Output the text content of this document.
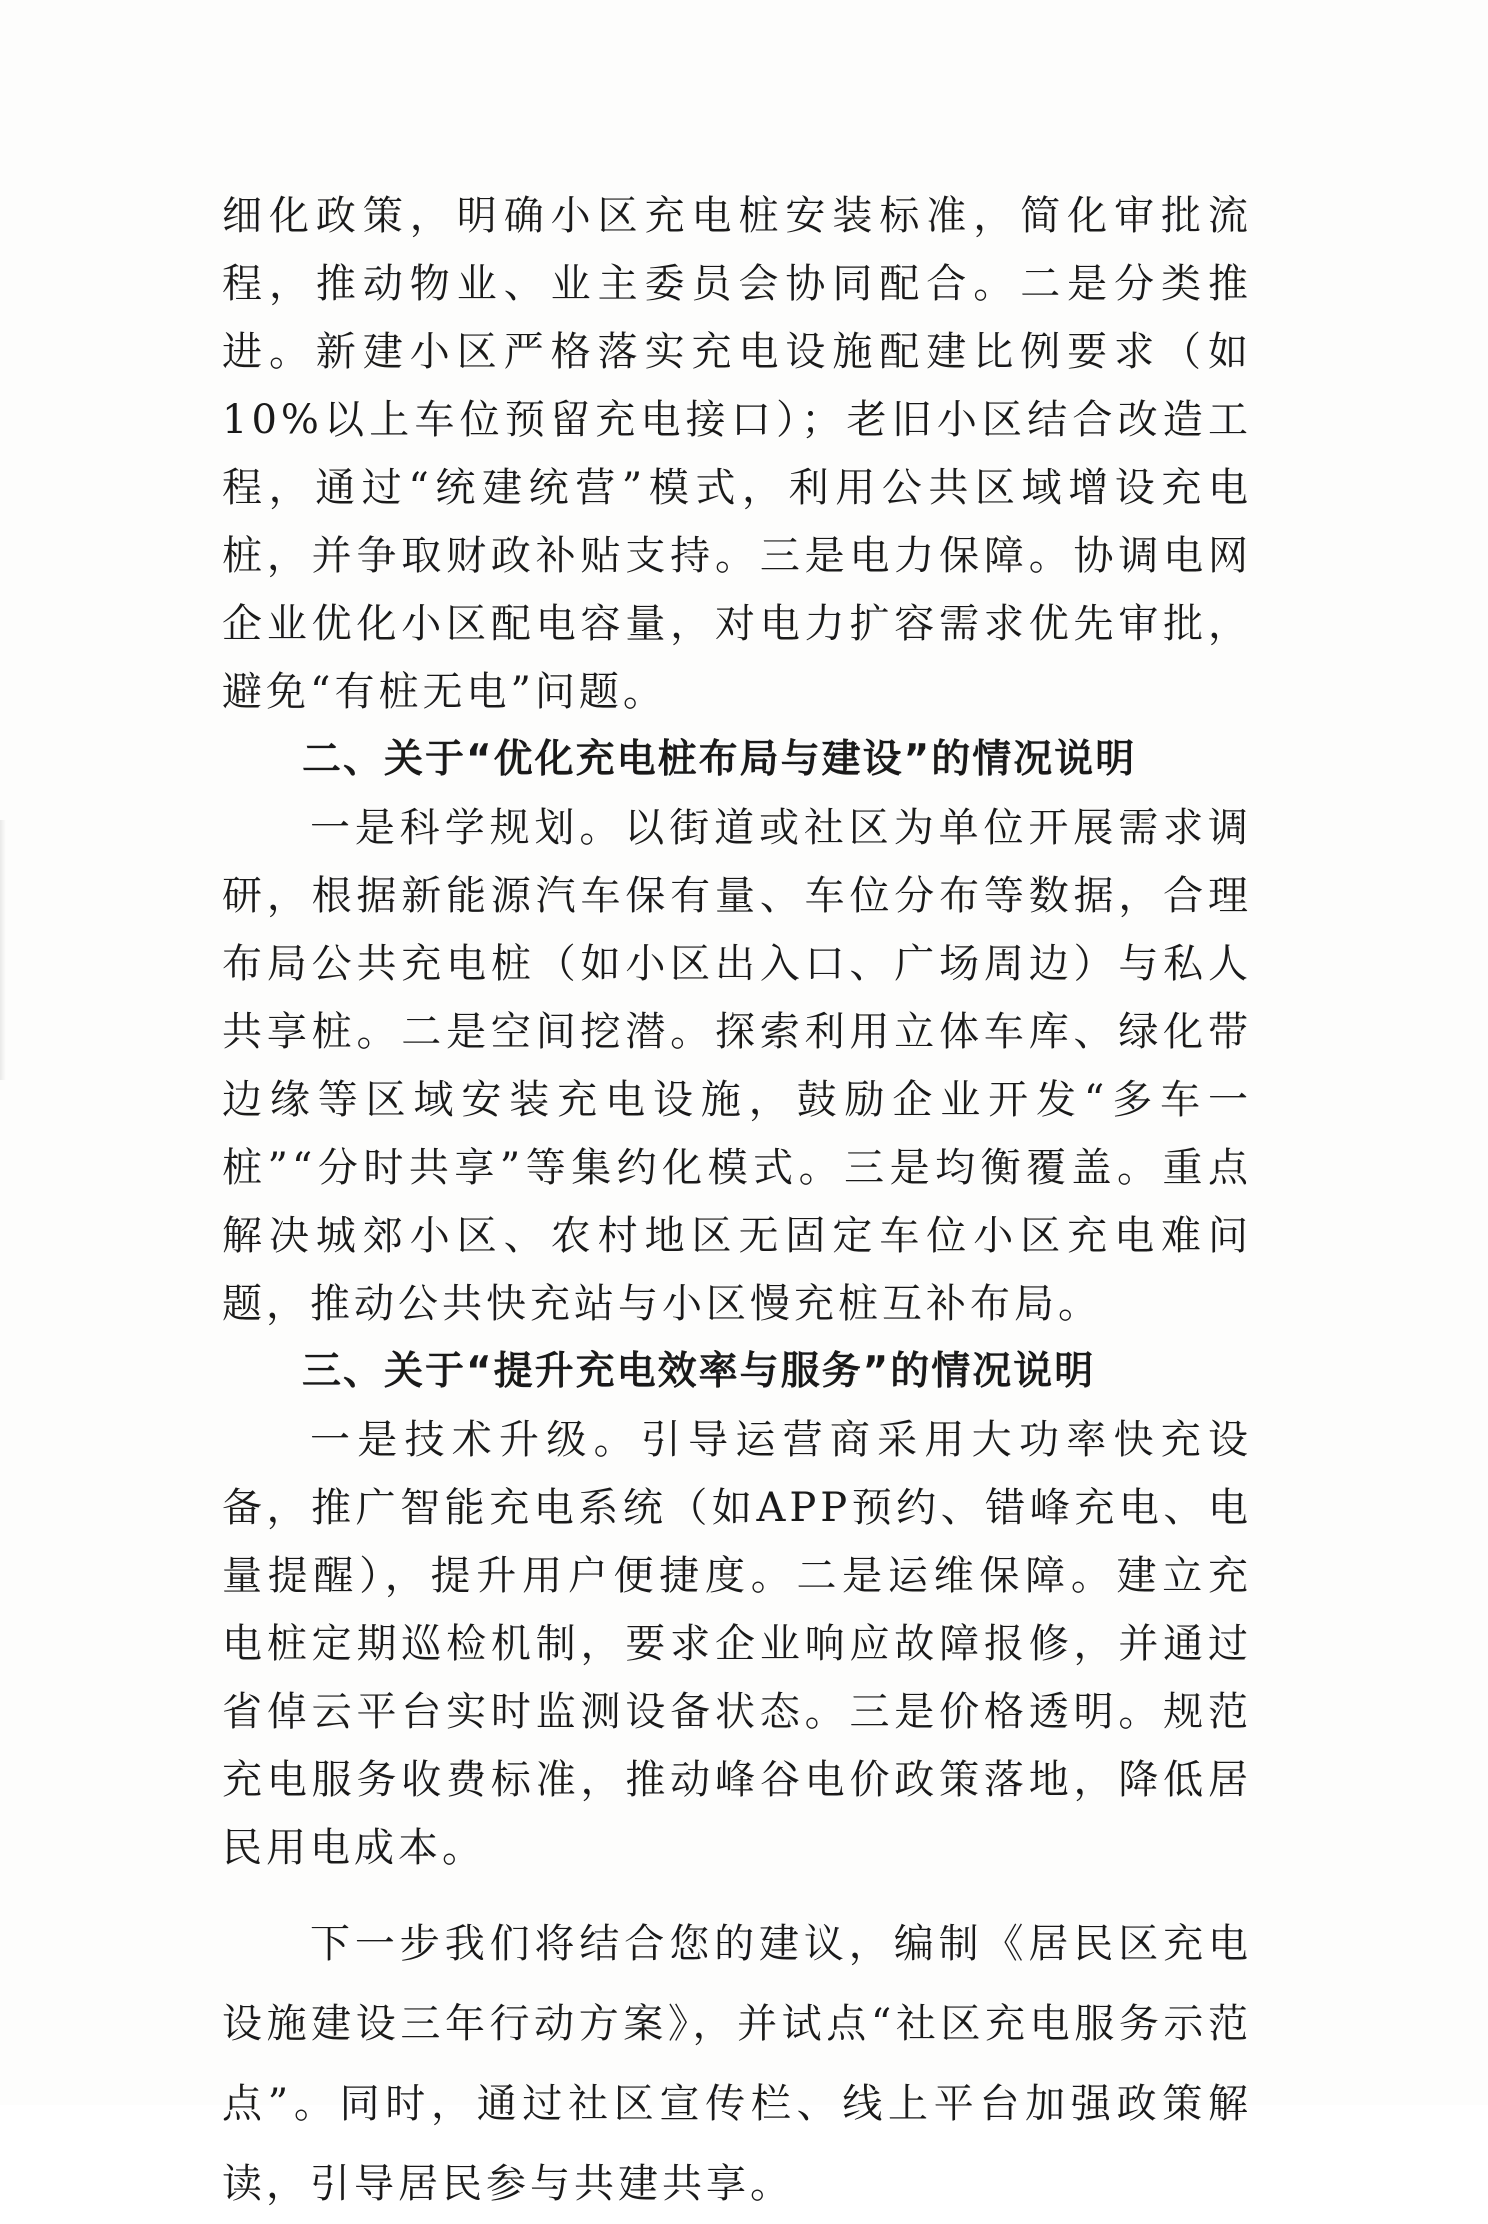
细化政策，明确小区充电桩安装标准，简化审批流程，推动物业、业主委员会协同配合。二是分类推进。新建小区严格落实充电设施配建比例要求（如10%以上车位预留充电接口）；老旧小区结合改造工程，通过“统建统营”模式，利用公共区域增设充电桩，并争取财政补贴支持。三是电力保障。协调电网企业优化小区配电容量，对电力扩容需求优先审批，避免“有桩无电”问题。

二、关于“优化充电桩布局与建设”的情况说明

一是科学规划。以街道或社区为单位开展需求调研，根据新能源汽车保有量、车位分布等数据，合理布局公共充电桩（如小区出入口、广场周边）与私人共享桩。二是空间挖潜。探索利用立体车库、绿化带边缘等区域安装充电设施，鼓励企业开发“多车一桩”“分时共享”等集约化模式。三是均衡覆盖。重点解决城郊小区、农村地区无固定车位小区充电难问题，推动公共快充站与小区慢充桩互补布局。

三、关于“提升充电效率与服务”的情况说明

一是技术升级。引导运营商采用大功率快充设备，推广智能充电系统（如APP预约、错峰充电、电量提醒），提升用户便捷度。二是运维保障。建立充电桩定期巡检机制，要求企业响应故障报修，并通过省倬云平台实时监测设备状态。三是价格透明。规范充电服务收费标准，推动峰谷电价政策落地，降低居民用电成本。

下一步我们将结合您的建议，编制《居民区充电设施建设三年行动方案》，并试点“社区充电服务示范点”。同时，通过社区宣传栏、线上平台加强政策解读，引导居民参与共建共享。
